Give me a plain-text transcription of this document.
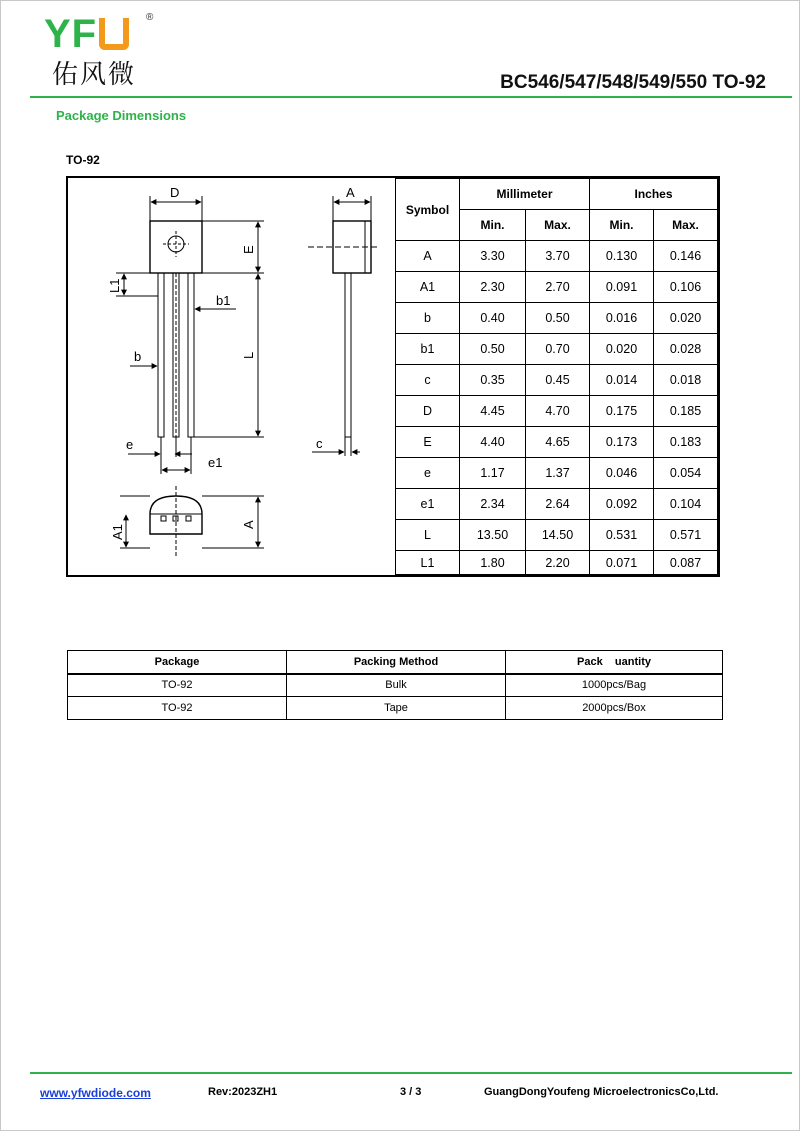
YF	®
佑风微	BC546/547/548/549/550 TO-92
Package Dimensions
TO-92
D	A
E
L1
b1
b	L
e	c
e1
A1	A
Symbol	Millimeter		Inches	
	Min.	Max.	Min.	Max.
A	3.30	3.70	0.130	0.146
A1	2.30	2.70	0.091	0.106
b	0.40	0.50	0.016	0.020
b1	0.50	0.70	0.020	0.028
c	0.35	0.45	0.014	0.018
D	4.45	4.70	0.175	0.185
E	4.40	4.65	0.173	0.183
e	1.17	1.37	0.046	0.054
e1	2.34	2.64	0.092	0.104
L	13.50	14.50	0.531	0.571
L1	1.80	2.20	0.071	0.087
Package	Packing Method	Pack    uantity
TO-92	Bulk	1000pcs/Bag
TO-92	Tape	2000pcs/Box
www.yfwdiode.com	Rev:2023ZH1	3 / 3	GuangDongYoufeng MicroelectronicsCo,Ltd.
